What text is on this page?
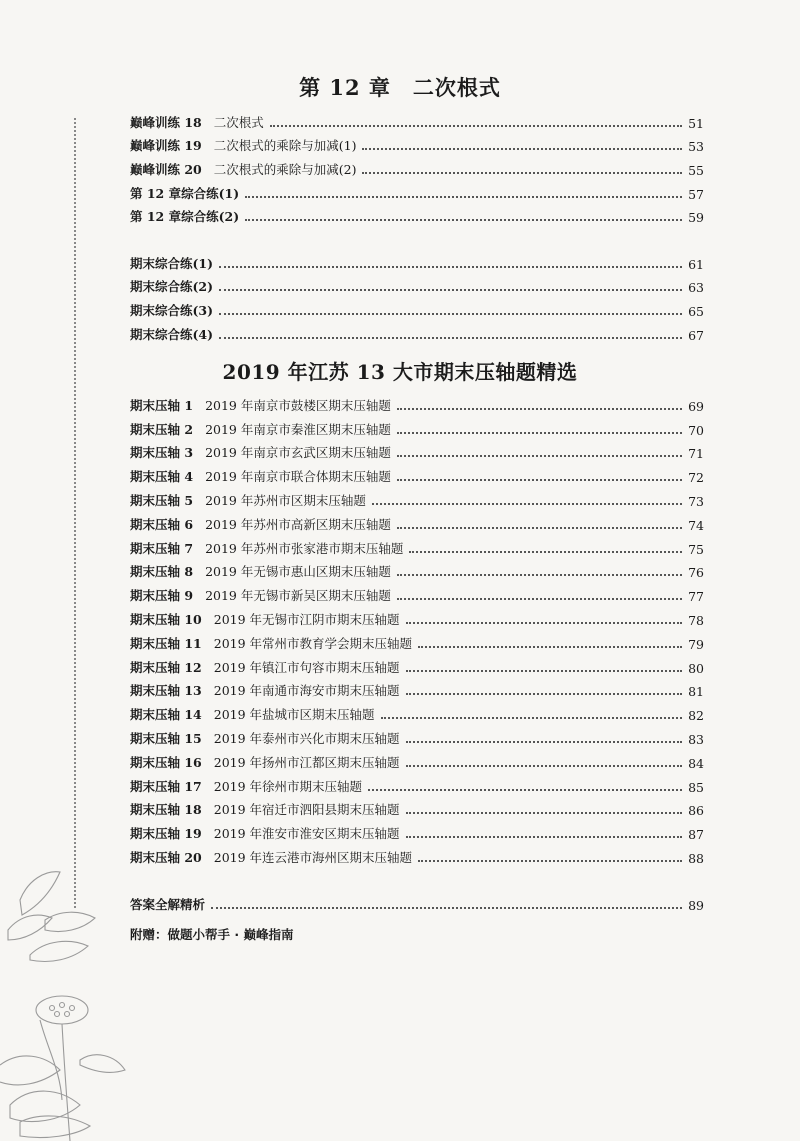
第 12 章　二次根式
巅峰训练 18 二次根式	51
巅峰训练 19 二次根式的乘除与加减(1)	53
巅峰训练 20 二次根式的乘除与加减(2)	55
第 12 章综合练(1)	57
第 12 章综合练(2)	59
期末综合练(1)	61
期末综合练(2)	63
期末综合练(3)	65
期末综合练(4)	67
2019 年江苏 13 大市期末压轴题精选
期末压轴 1 2019 年南京市鼓楼区期末压轴题	69
期末压轴 2 2019 年南京市秦淮区期末压轴题	70
期末压轴 3 2019 年南京市玄武区期末压轴题	71
期末压轴 4 2019 年南京市联合体期末压轴题	72
期末压轴 5 2019 年苏州市区期末压轴题	73
期末压轴 6 2019 年苏州市高新区期末压轴题	74
期末压轴 7 2019 年苏州市张家港市期末压轴题	75
期末压轴 8 2019 年无锡市惠山区期末压轴题	76
期末压轴 9 2019 年无锡市新吴区期末压轴题	77
期末压轴 10 2019 年无锡市江阴市期末压轴题	78
期末压轴 11 2019 年常州市教育学会期末压轴题	79
期末压轴 12 2019 年镇江市句容市期末压轴题	80
期末压轴 13 2019 年南通市海安市期末压轴题	81
期末压轴 14 2019 年盐城市区期末压轴题	82
期末压轴 15 2019 年泰州市兴化市期末压轴题	83
期末压轴 16 2019 年扬州市江都区期末压轴题	84
期末压轴 17 2019 年徐州市期末压轴题	85
期末压轴 18 2019 年宿迁市泗阳县期末压轴题	86
期末压轴 19 2019 年淮安市淮安区期末压轴题	87
期末压轴 20 2019 年连云港市海州区期末压轴题	88
答案全解精析	89
附赠：做题小帮手 · 巅峰指南
